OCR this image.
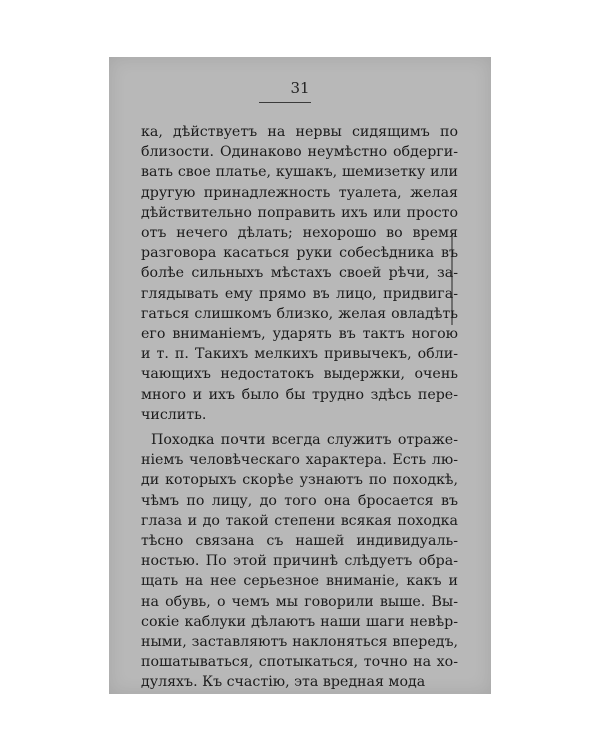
31
ка, дѣйствуетъ на нервы сидящимъ по
близости. Одинаково неумѣстно обдерги-
вать свое платье, кушакъ, шемизетку или
другую принадлежность туалета, желая
дѣйствительно поправить ихъ или просто
отъ нечего дѣлать; нехорошо во время
разговора касаться руки собесѣдника въ
болѣе сильныхъ мѣстахъ своей рѣчи, за-
глядывать ему прямо въ лицо, придвига-
гаться слишкомъ близко, желая овладѣть
его вниманіемъ, ударять въ тактъ ногою
и т. п. Такихъ мелкихъ привычекъ, обли-
чающихъ недостатокъ выдержки, очень
много и ихъ было бы трудно здѣсь пере-
числить.
Походка почти всегда служитъ отраже-
ніемъ человѣческаго характера. Есть лю-
ди которыхъ скорѣе узнаютъ по походкѣ,
чѣмъ по лицу, до того она бросается въ
глаза и до такой степени всякая походка
тѣсно связана съ нашей индивидуаль-
ностью. По этой причинѣ слѣдуетъ обра-
щать на нее серьезное вниманіе, какъ и
на обувь, о чемъ мы говорили выше. Вы-
сокіе каблуки дѣлаютъ наши шаги невѣр-
ными, заставляютъ наклоняться впередъ,
пошатываться, спотыкаться, точно на хо-
дуляхъ. Къ счастію, эта вредная мода
